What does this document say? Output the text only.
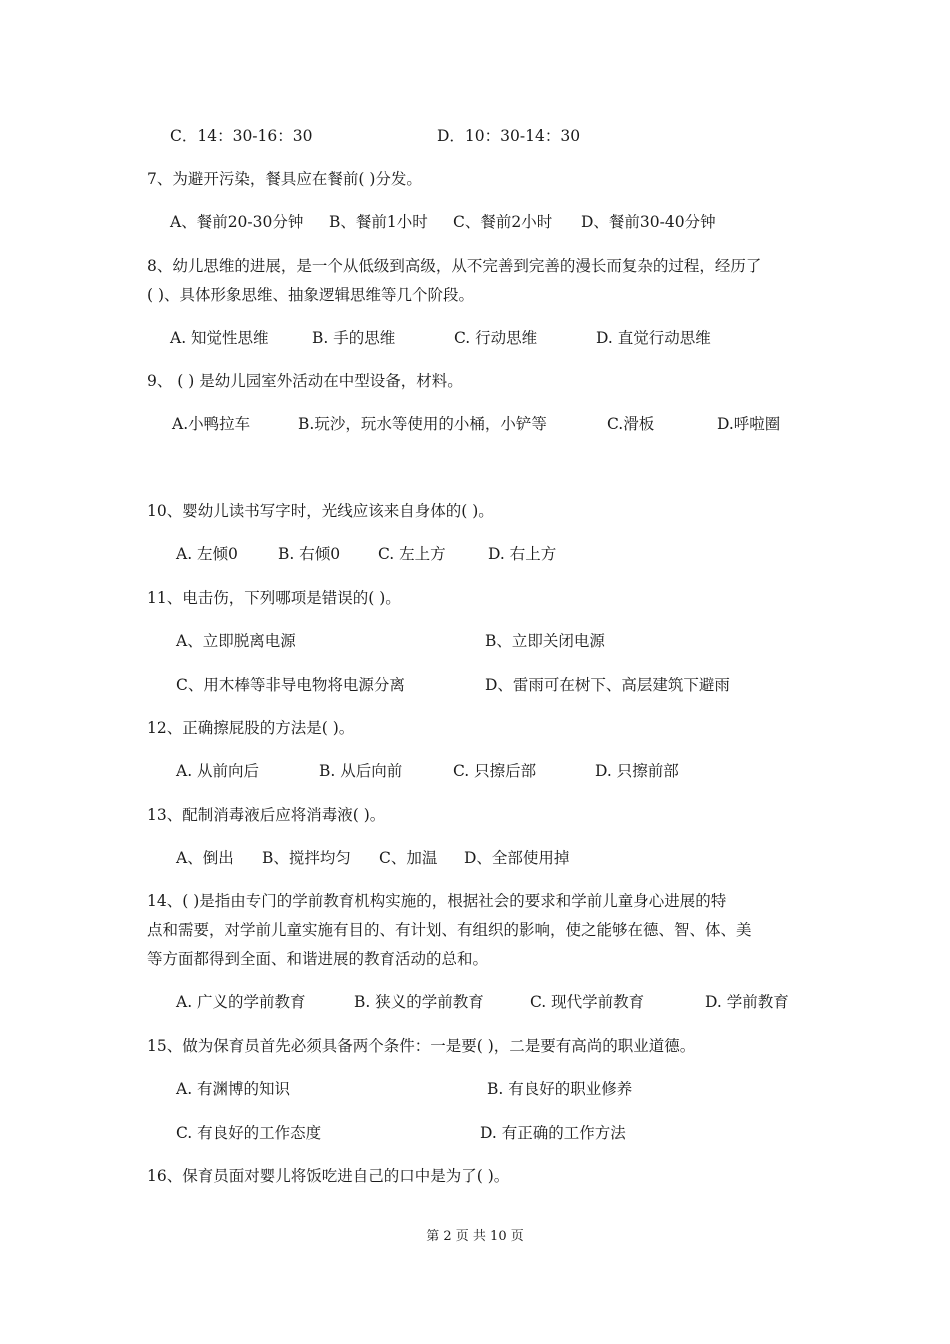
C．14：30-16：30	D．10：30-14：30
7、为避开污染，餐具应在餐前( )分发。
A、餐前20-30分钟 B、餐前1小时 C、餐前2小时 D、餐前30-40分钟
8、幼儿思维的进展，是一个从低级到高级，从不完善到完善的漫长而复杂的过程，经历了
( )、具体形象思维、抽象逻辑思维等几个阶段。
A. 知觉性思维	B. 手的思维	C. 行动思维	D. 直觉行动思维
9、 ( ) 是幼儿园室外活动在中型设备，材料。
A.小鸭拉车	B.玩沙，玩水等使用的小桶，小铲等	C.滑板	D.呼啦圈
10、婴幼儿读书写字时，光线应该来自身体的( )。
A. 左倾0	B. 右倾0 C. 左上方	D. 右上方
11、电击伤，下列哪项是错误的( )。
A、立即脱离电源	B、立即关闭电源
C、用木棒等非导电物将电源分离	D、雷雨可在树下、高层建筑下避雨
12、正确擦屁股的方法是( )。
A. 从前向后	B. 从后向前	C. 只擦后部	D. 只擦前部
13、配制消毒液后应将消毒液( )。
A、倒出 B、搅拌均匀 C、加温 D、全部使用掉
14、( )是指由专门的学前教育机构实施的，根据社会的要求和学前儿童身心进展的特
点和需要，对学前儿童实施有目的、有计划、有组织的影响，使之能够在德、智、体、美
等方面都得到全面、和谐进展的教育活动的总和。
A. 广义的学前教育	B. 狭义的学前教育	C. 现代学前教育	D. 学前教育
15、做为保育员首先必须具备两个条件：一是要( )，二是要有高尚的职业道德。
A. 有渊博的知识	B. 有良好的职业修养
C. 有良好的工作态度	D. 有正确的工作方法
16、保育员面对婴儿将饭吃进自己的口中是为了( )。
第 2 页 共 10 页
